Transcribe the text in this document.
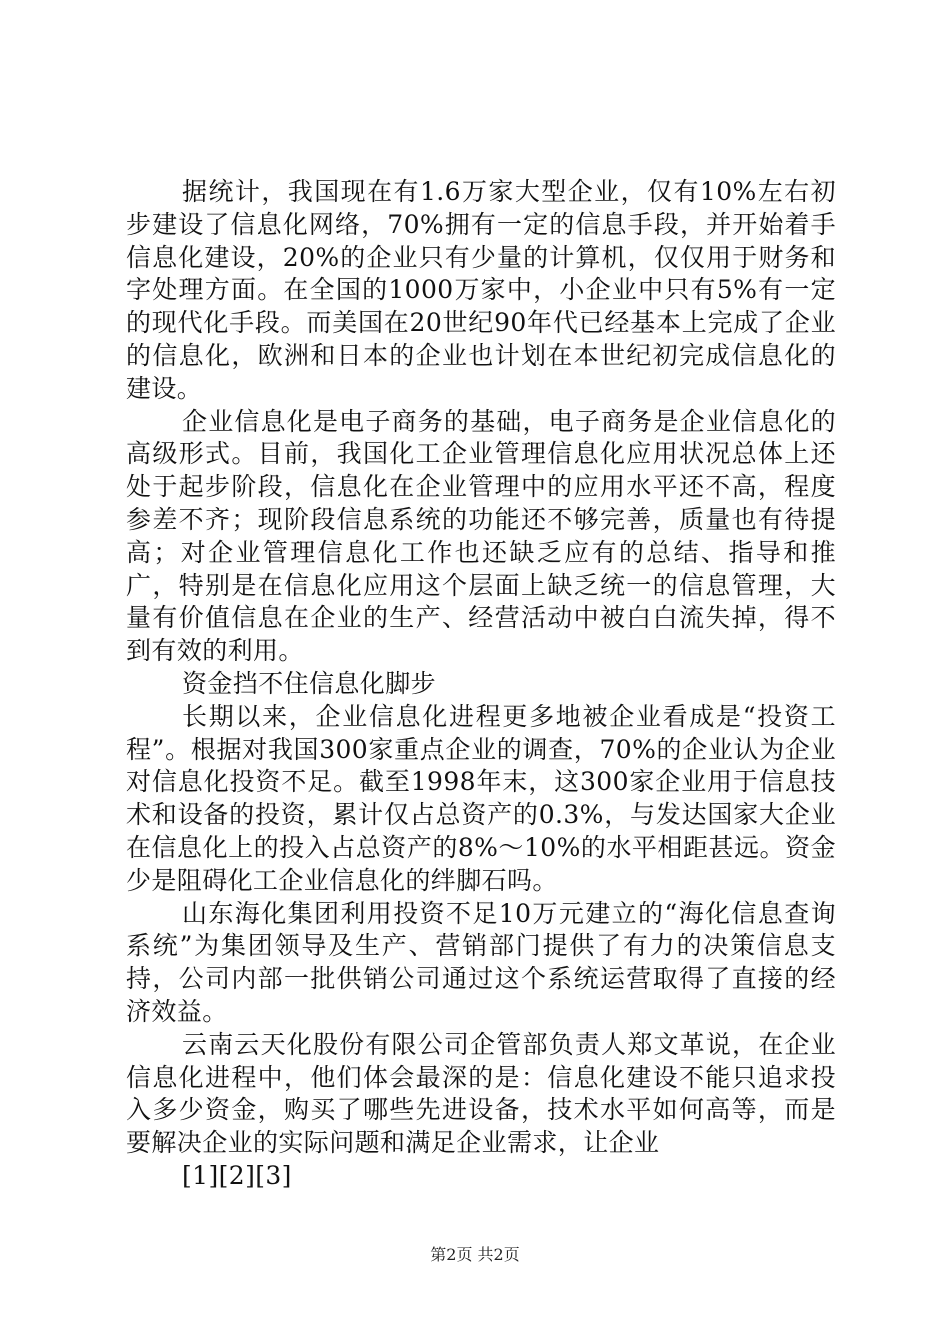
据统计，我国现在有1.6万家大型企业，仅有10%左右初步建设了信息化网络，70%拥有一定的信息手段，并开始着手信息化建设，20%的企业只有少量的计算机，仅仅用于财务和字处理方面。在全国的1000万家中，小企业中只有5%有一定的现代化手段。而美国在20世纪90年代已经基本上完成了企业的信息化，欧洲和日本的企业也计划在本世纪初完成信息化的建设。

企业信息化是电子商务的基础，电子商务是企业信息化的高级形式。目前，我国化工企业管理信息化应用状况总体上还处于起步阶段，信息化在企业管理中的应用水平还不高，程度参差不齐；现阶段信息系统的功能还不够完善，质量也有待提高；对企业管理信息化工作也还缺乏应有的总结、指导和推广，特别是在信息化应用这个层面上缺乏统一的信息管理，大量有价值信息在企业的生产、经营活动中被白白流失掉，得不到有效的利用。

资金挡不住信息化脚步

长期以来，企业信息化进程更多地被企业看成是“投资工程”。根据对我国300家重点企业的调查，70%的企业认为企业对信息化投资不足。截至1998年末，这300家企业用于信息技术和设备的投资，累计仅占总资产的0.3%，与发达国家大企业在信息化上的投入占总资产的8%～10%的水平相距甚远。资金少是阻碍化工企业信息化的绊脚石吗。

山东海化集团利用投资不足10万元建立的“海化信息查询系统”为集团领导及生产、营销部门提供了有力的决策信息支持，公司内部一批供销公司通过这个系统运营取得了直接的经济效益。

云南云天化股份有限公司企管部负责人郑文革说，在企业信息化进程中，他们体会最深的是：信息化建设不能只追求投入多少资金，购买了哪些先进设备，技术水平如何高等，而是要解决企业的实际问题和满足企业需求，让企业

[1][2][3]

第2页 共2页
